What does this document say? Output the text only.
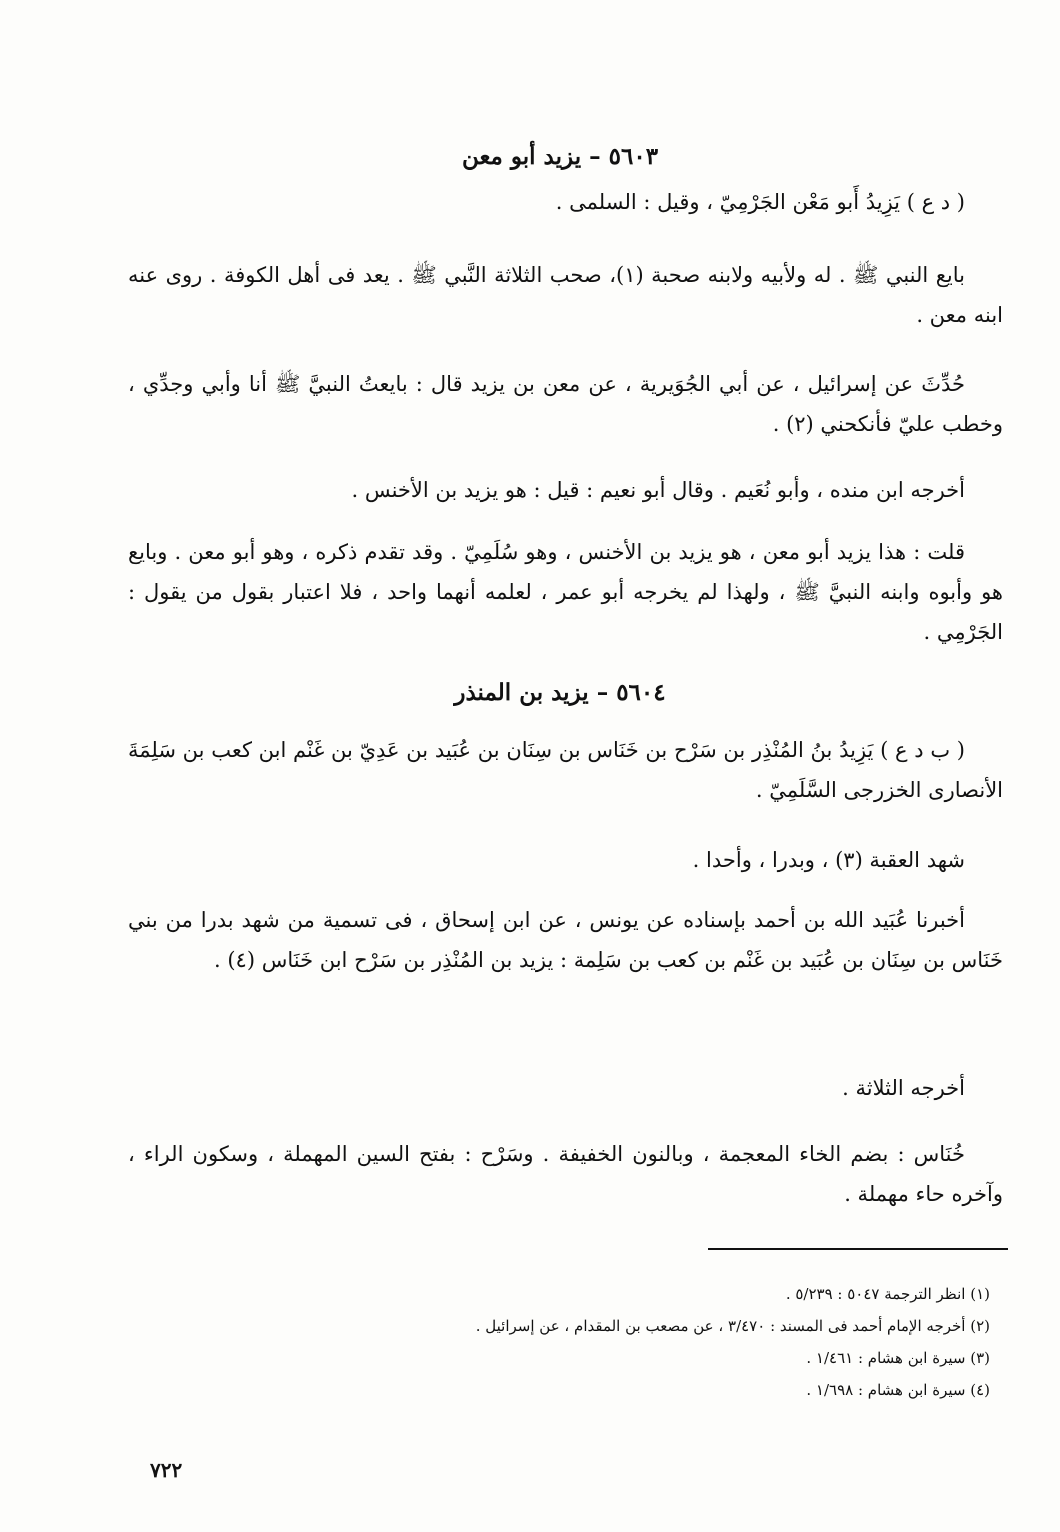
٥٦٠٣ – يزيد أبو معن

( د ع ) يَزِيدُ أَبو مَعْن الجَرْمِيّ ، وقيل : السلمى .

بايع النبي ﷺ . له ولأبيه ولابنه صحبة (١)، صحب الثلاثة النَّبي ﷺ . يعد فى أهل الكوفة . روى عنه ابنه معن .

حُدِّثَ عن إسرائيل ، عن أبي الجُوَيرية ، عن معن بن يزيد قال : بايعتُ النبيَّ ﷺ أنا وأبي وجدِّي ، وخطب عليّ فأنكحني (٢) .

أخرجه ابن منده ، وأبو نُعَيم . وقال أبو نعيم : قيل : هو يزيد بن الأخنس .

قلت : هذا يزيد أبو معن ، هو يزيد بن الأخنس ، وهو سُلَمِيّ . وقد تقدم ذكره ، وهو أبو معن . وبايع هو وأبوه وابنه النبيَّ ﷺ ، ولهذا لم يخرجه أبو عمر ، لعلمه أنهما واحد ، فلا اعتبار بقول من يقول : الجَرْمِي .

٥٦٠٤ – يزيد بن المنذر

( ب د ع ) يَزِيدُ بنُ المُنْذِر بن سَرْح بن خَنَاس بن سِنَان بن عُبَيد بن عَدِيّ بن غَنْم ابن كعب بن سَلِمَةَ الأنصارى الخزرجى السَّلَمِيّ .

شهد العقبة (٣) ، وبدرا ، وأحدا .

أخبرنا عُبَيد الله بن أحمد بإسناده عن يونس ، عن ابن إسحاق ، فى تسمية من شهد بدرا من بني خَنَاس بن سِنَان بن عُبَيد بن غَنْم بن كعب بن سَلِمة : يزيد بن المُنْذِر بن سَرْح ابن خَنَاس (٤) .

أخرجه الثلاثة .

خُنَاس : بضم الخاء المعجمة ، وبالنون الخفيفة . وسَرْح : بفتح السين المهملة ، وسكون الراء ، وآخره حاء مهملة .

(١) انظر الترجمة ٥٠٤٧ : ٥/٢٣٩ .
(٢) أخرجه الإمام أحمد فى المسند : ٣/٤٧٠ ، عن مصعب بن المقدام ، عن إسرائيل .
(٣) سيرة ابن هشام : ١/٤٦١ .
(٤) سيرة ابن هشام : ١/٦٩٨ .
٧٢٢
